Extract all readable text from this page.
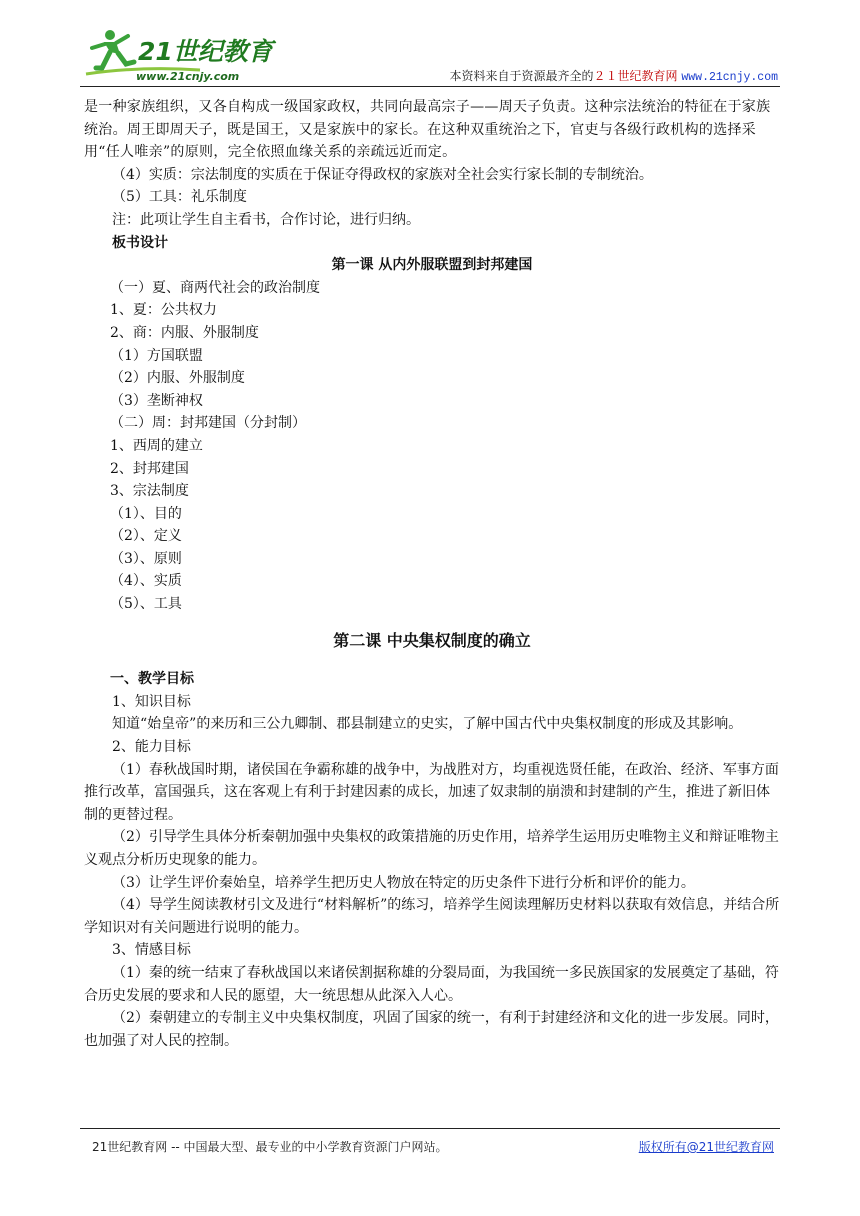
21世纪教育
www.21cnjy.com	本资料来自于资源最齐全的２１世纪教育网 www.21cnjy.com

是一种家族组织，又各自构成一级国家政权，共同向最高宗子——周天子负责。这种宗法统治的特征在于家族统治。周王即周天子，既是国王，又是家族中的家长。在这种双重统治之下，官吏与各级行政机构的选择采用“任人唯亲”的原则，完全依照血缘关系的亲疏远近而定。

（4）实质：宗法制度的实质在于保证夺得政权的家族对全社会实行家长制的专制统治。

（5）工具：礼乐制度

注：此项让学生自主看书，合作讨论，进行归纳。

板书设计

第一课 从内外服联盟到封邦建国

（一）夏、商两代社会的政治制度

1、夏：公共权力

2、商：内服、外服制度

（1）方国联盟

（2）内服、外服制度

（3）垄断神权

（二）周：封邦建国（分封制）

1、西周的建立

2、封邦建国

3、宗法制度

（1）、目的

（2）、定义

（3）、原则

（4）、实质

（5）、工具

第二课 中央集权制度的确立

一、教学目标

1、知识目标

知道“始皇帝”的来历和三公九卿制、郡县制建立的史实，了解中国古代中央集权制度的形成及其影响。

2、能力目标

（1）春秋战国时期，诸侯国在争霸称雄的战争中，为战胜对方，均重视选贤任能，在政治、经济、军事方面推行改革，富国强兵，这在客观上有利于封建因素的成长，加速了奴隶制的崩溃和封建制的产生，推进了新旧体制的更替过程。

（2）引导学生具体分析秦朝加强中央集权的政策措施的历史作用，培养学生运用历史唯物主义和辩证唯物主义观点分析历史现象的能力。

（3）让学生评价秦始皇，培养学生把历史人物放在特定的历史条件下进行分析和评价的能力。

（4）导学生阅读教材引文及进行“材料解析”的练习，培养学生阅读理解历史材料以获取有效信息，并结合所学知识对有关问题进行说明的能力。

3、情感目标

（1）秦的统一结束了春秋战国以来诸侯割据称雄的分裂局面，为我国统一多民族国家的发展奠定了基础，符合历史发展的要求和人民的愿望，大一统思想从此深入人心。

（2）秦朝建立的专制主义中央集权制度，巩固了国家的统一，有利于封建经济和文化的进一步发展。同时，也加强了对人民的控制。

21世纪教育网 -- 中国最大型、最专业的中小学教育资源门户网站。	版权所有@21世纪教育网
